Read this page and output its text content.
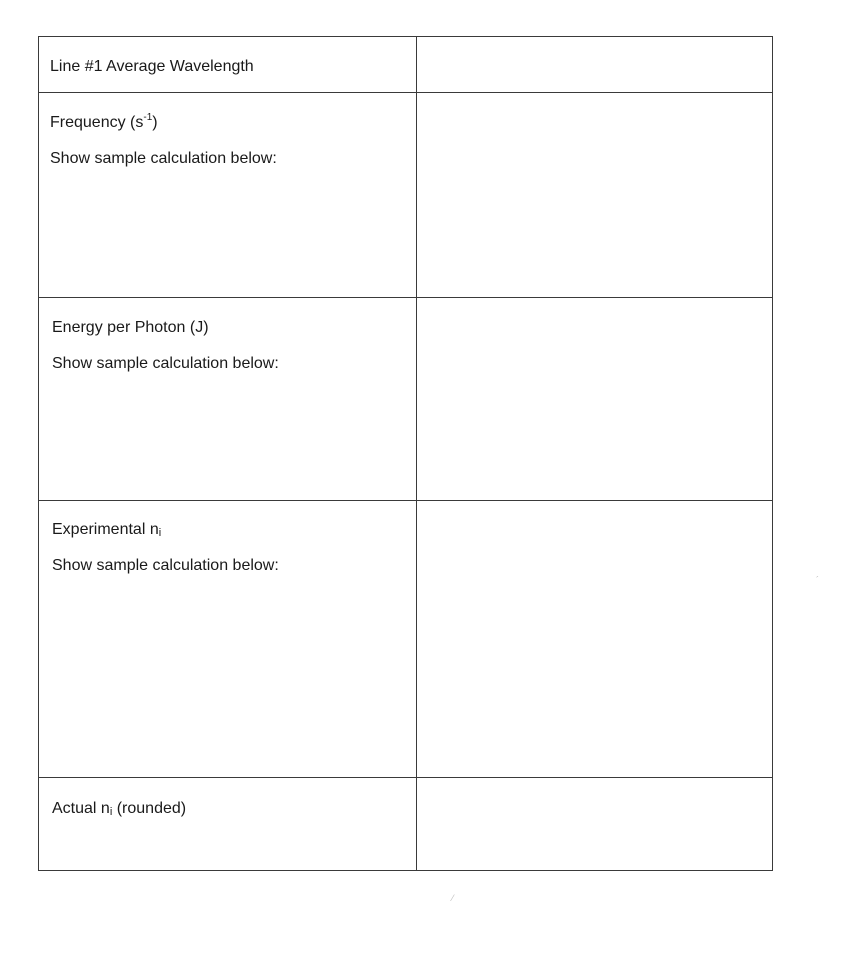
Line #1 Average Wavelength	

Frequency $(s^{-1})$
Show sample calculation below:	

Energy per Photon (J)
Show sample calculation below:	

Experimental $n_i$
Show sample calculation below:	

Actual $n_i$ (rounded)	

´
⁄
